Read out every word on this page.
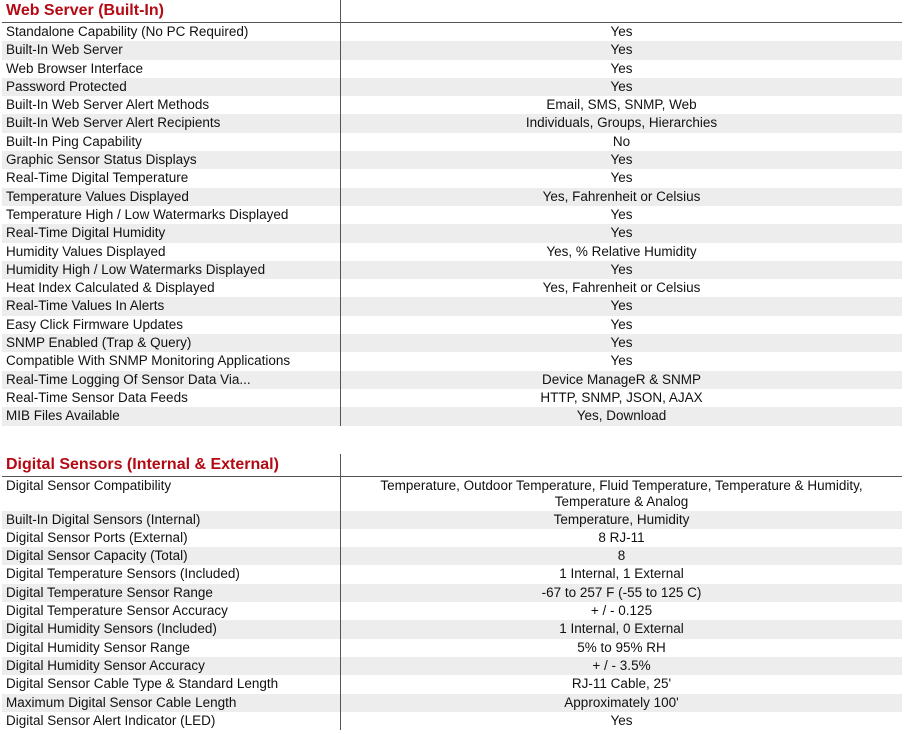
Web Server (Built-In)
Standalone Capability (No PC Required)	Yes
Built-In Web Server	Yes
Web Browser Interface	Yes
Password Protected	Yes
Built-In Web Server Alert Methods	Email, SMS, SNMP, Web
Built-In Web Server Alert Recipients	Individuals, Groups, Hierarchies
Built-In Ping Capability	No
Graphic Sensor Status Displays	Yes
Real-Time Digital Temperature	Yes
Temperature Values Displayed	Yes, Fahrenheit or Celsius
Temperature High / Low Watermarks Displayed	Yes
Real-Time Digital Humidity	Yes
Humidity Values Displayed	Yes, % Relative Humidity
Humidity High / Low Watermarks Displayed	Yes
Heat Index Calculated & Displayed	Yes, Fahrenheit or Celsius
Real-Time Values In Alerts	Yes
Easy Click Firmware Updates	Yes
SNMP Enabled (Trap & Query)	Yes
Compatible With SNMP Monitoring Applications	Yes
Real-Time Logging Of Sensor Data Via...	Device ManageR & SNMP
Real-Time Sensor Data Feeds	HTTP, SNMP, JSON, AJAX
MIB Files Available	Yes, Download
Digital Sensors (Internal & External)
Digital Sensor Compatibility	Temperature, Outdoor Temperature, Fluid Temperature, Temperature & Humidity, Temperature & Analog
Built-In Digital Sensors (Internal)	Temperature, Humidity
Digital Sensor Ports (External)	8 RJ-11
Digital Sensor Capacity (Total)	8
Digital Temperature Sensors (Included)	1 Internal, 1 External
Digital Temperature Sensor Range	-67 to 257 F (-55 to 125 C)
Digital Temperature Sensor Accuracy	+ / - 0.125
Digital Humidity Sensors (Included)	1 Internal, 0 External
Digital Humidity Sensor Range	5% to 95% RH
Digital Humidity Sensor Accuracy	+ / - 3.5%
Digital Sensor Cable Type & Standard Length	RJ-11 Cable, 25'
Maximum Digital Sensor Cable Length	Approximately 100'
Digital Sensor Alert Indicator (LED)	Yes
